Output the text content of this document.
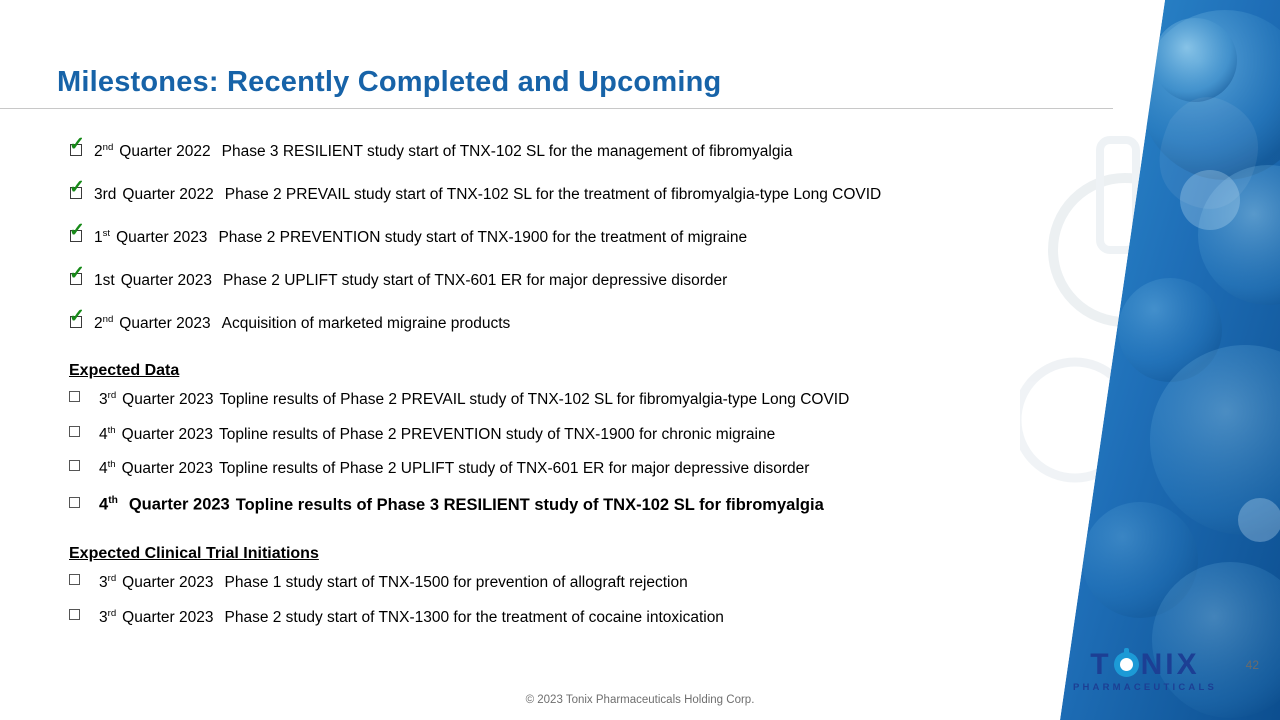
Milestones: Recently Completed and Upcoming
✓ 2nd Quarter 2022 Phase 3 RESILIENT study start of TNX-102 SL for the management of fibromyalgia
✓ 3rd Quarter 2022 Phase 2 PREVAIL study start of TNX-102 SL for the treatment of fibromyalgia-type Long COVID
✓ 1st Quarter 2023 Phase 2 PREVENTION study start of TNX-1900 for the treatment of migraine
✓ 1st Quarter 2023 Phase 2 UPLIFT study start of TNX-601 ER for major depressive disorder
✓ 2nd Quarter 2023 Acquisition of marketed migraine products
Expected Data
3rd Quarter 2023 Topline results of Phase 2 PREVAIL study of TNX-102 SL for fibromyalgia-type Long COVID
4th Quarter 2023 Topline results of Phase 2 PREVENTION study of TNX-1900 for chronic migraine
4th Quarter 2023 Topline results of Phase 2 UPLIFT study of TNX-601 ER for major depressive disorder
4th Quarter 2023 Topline results of Phase 3 RESILIENT study of TNX-102 SL for fibromyalgia
Expected Clinical Trial Initiations
3rd Quarter 2023 Phase 1 study start of TNX-1500 for prevention of allograft rejection
3rd Quarter 2023 Phase 2 study start of TNX-1300 for the treatment of cocaine intoxication
T NIX
PHARMACEUTICALS
42
© 2023 Tonix Pharmaceuticals Holding Corp.
